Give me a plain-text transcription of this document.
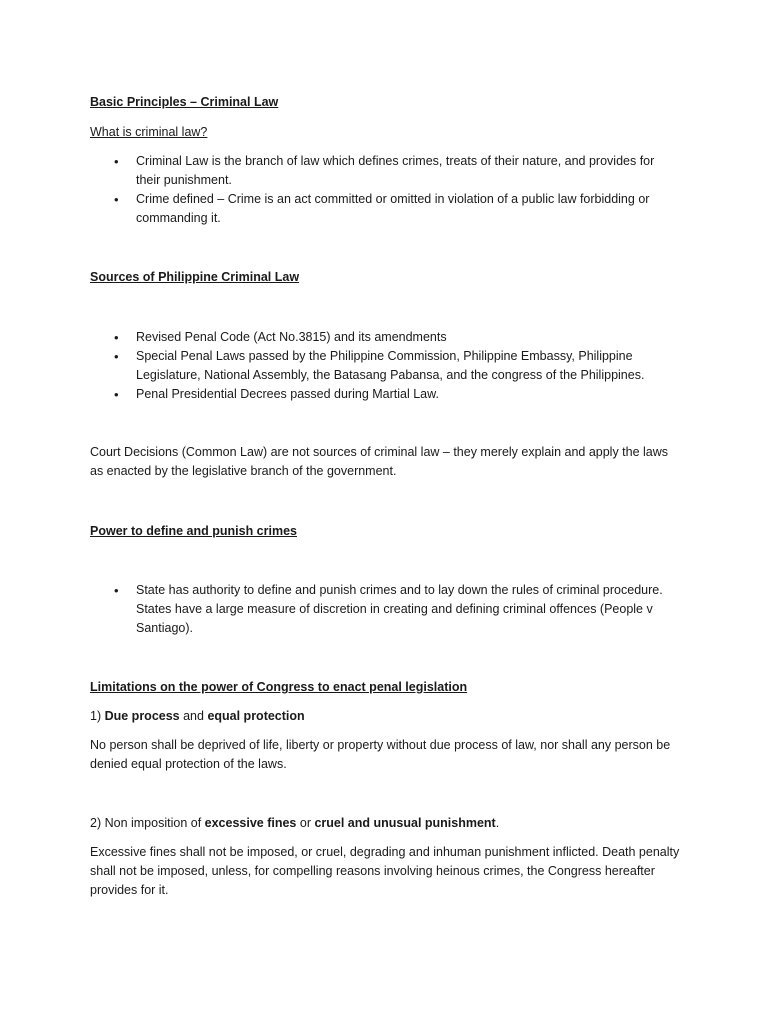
Basic Principles – Criminal Law

What is criminal law?

• Criminal Law is the branch of law which defines crimes, treats of their nature, and provides for their punishment.
• Crime defined – Crime is an act committed or omitted in violation of a public law forbidding or commanding it.

Sources of Philippine Criminal Law

• Revised Penal Code (Act No.3815) and its amendments
• Special Penal Laws passed by the Philippine Commission, Philippine Embassy, Philippine Legislature, National Assembly, the Batasang Pabansa, and the congress of the Philippines.
• Penal Presidential Decrees passed during Martial Law.

Court Decisions (Common Law) are not sources of criminal law – they merely explain and apply the laws as enacted by the legislative branch of the government.

Power to define and punish crimes

• State has authority to define and punish crimes and to lay down the rules of criminal procedure. States have a large measure of discretion in creating and defining criminal offences (People v Santiago).

Limitations on the power of Congress to enact penal legislation

1) Due process and equal protection

No person shall be deprived of life, liberty or property without due process of law, nor shall any person be denied equal protection of the laws.

2) Non imposition of excessive fines or cruel and unusual punishment.

Excessive fines shall not be imposed, or cruel, degrading and inhuman punishment inflicted. Death penalty shall not be imposed, unless, for compelling reasons involving heinous crimes, the Congress hereafter provides for it.
